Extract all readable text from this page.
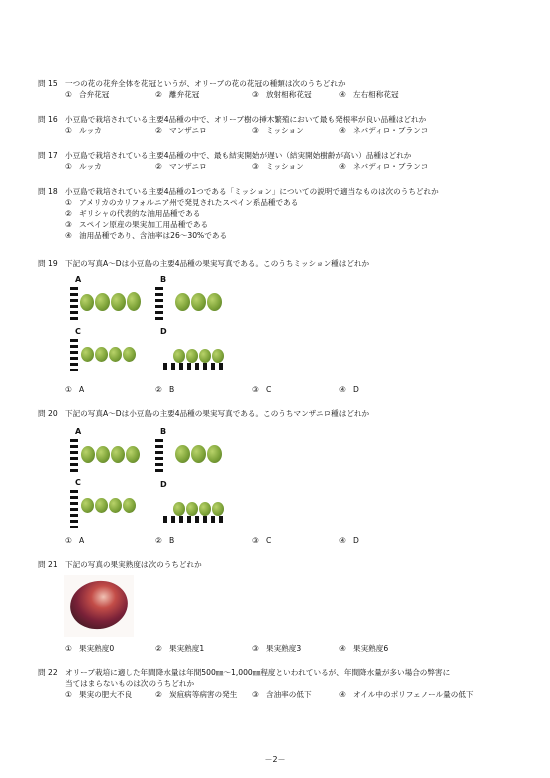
問 15 一つの花の花弁全体を花冠というが、オリーブの花の花冠の種類は次のうちどれか
① 合弁花冠	② 離弁花冠	③ 放射相称花冠	④ 左右相称花冠
問 16 小豆島で栽培されている主要4品種の中で、オリーブ樹の挿木繁殖において最も発根率が良い品種はどれか
① ルッカ	② マンザニロ	③ ミッション	④ ネバディロ・ブランコ
問 17 小豆島で栽培されている主要4品種の中で、最も結実開始が遅い（結実開始樹齢が高い）品種はどれか
① ルッカ	② マンザニロ	③ ミッション	④ ネバディロ・ブランコ
問 18 小豆島で栽培されている主要4品種の1つである「ミッション」についての説明で適当なものは次のうちどれか
① アメリカのカリフォルニア州で発見されたスペイン系品種である
② ギリシャの代表的な油用品種である
③ スペイン原産の果実加工用品種である
④ 油用品種であり、含油率は26～30%である
問 19 下記の写真A～Dは小豆島の主要4品種の果実写真である。このうちミッション種はどれか
A	B
C	D
① A	② B	③ C	④ D
問 20 下記の写真A～Dは小豆島の主要4品種の果実写真である。このうちマンザニロ種はどれか
A	B
C	D
① A	② B	③ C	④ D
問 21 下記の写真の果実熟度は次のうちどれか
① 果実熟度0	② 果実熟度1	③ 果実熟度3	④ 果実熟度6
問 22 オリーブ栽培に適した年間降水量は年間500㎜～1,000㎜程度といわれているが、年間降水量が多い場合の弊害に
当てはまらないものは次のうちどれか
① 果実の肥大不良	② 炭疽病等病害の発生 ③ 含油率の低下	④ オイル中のポリフェノール量の低下
－2－
